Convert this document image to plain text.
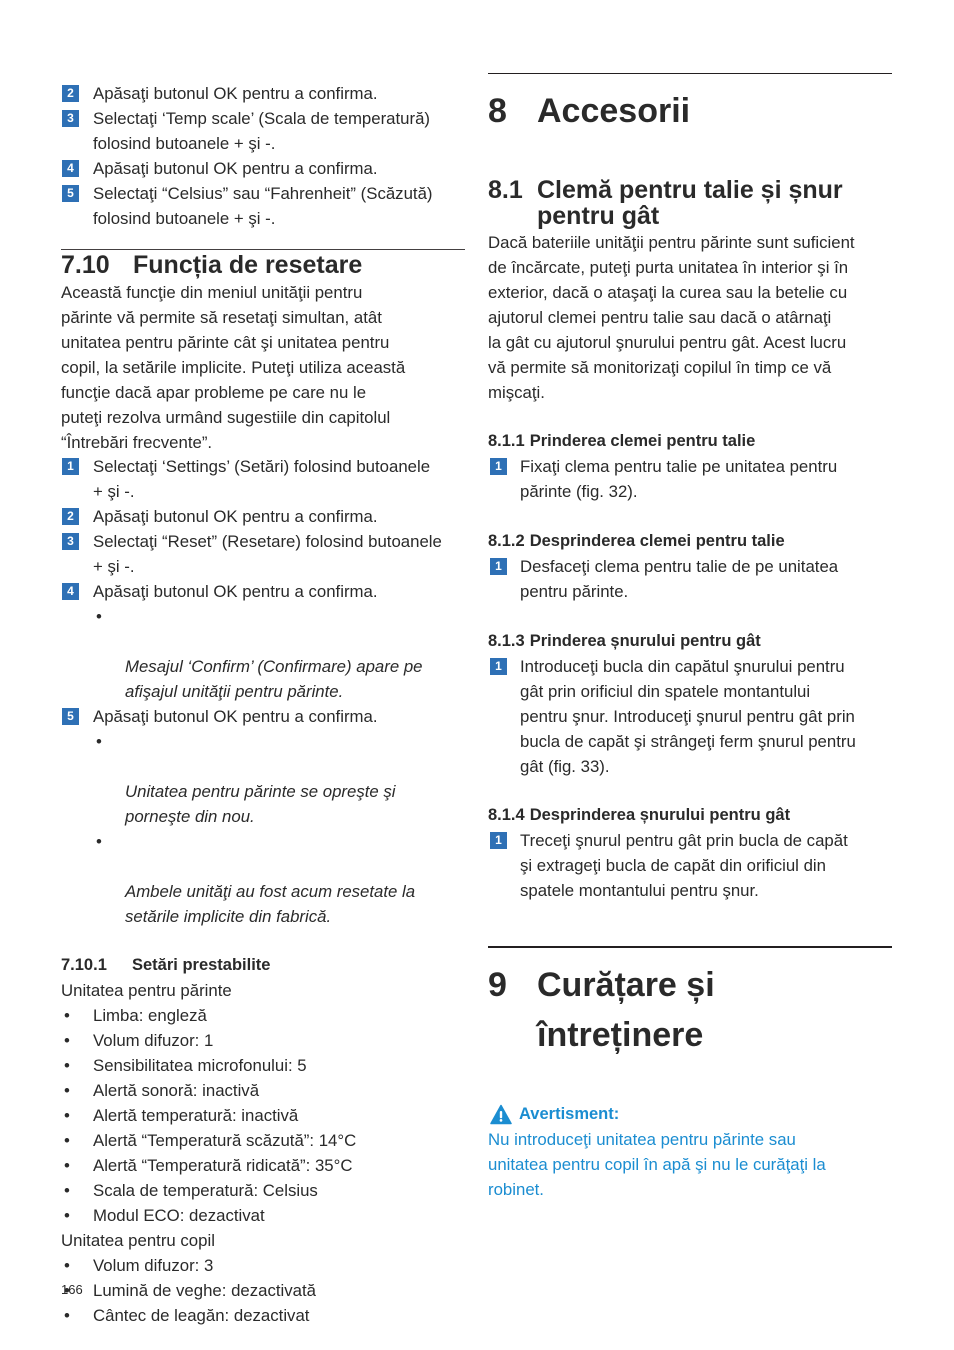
2	Apăsaţi butonul OK pentru a confirma.
3	Selectaţi ‘Temp scale’ (Scala de temperatură)
folosind butoanele + şi -.
4	Apăsaţi butonul OK pentru a confirma.
5	Selectaţi “Celsius” sau “Fahrenheit” (Scăzută)
folosind butoanele + şi -.
7.10 Funcția de resetare
Această funcţie din meniul unităţii pentru
părinte vă permite să resetaţi simultan, atât
unitatea pentru părinte cât şi unitatea pentru
copil, la setările implicite. Puteţi utiliza această
funcţie dacă apar probleme pe care nu le
puteţi rezolva urmând sugestiile din capitolul
“Întrebări frecvente”.
1	Selectaţi ‘Settings’ (Setări) folosind butoanele
+ şi -.
2	Apăsaţi butonul OK pentru a confirma.
3	Selectaţi “Reset” (Resetare) folosind butoanele
+ şi -.
4	Apăsaţi butonul OK pentru a confirma.

•

Mesajul ‘Confirm’ (Confirmare) apare pe
afişajul unităţii pentru părinte.

5	Apăsaţi butonul OK pentru a confirma.

•

Unitatea pentru părinte se opreşte şi
porneşte din nou.

•

Ambele unităţi au fost acum resetate la
setările implicite din fabrică.

7.10.1 Setări prestabilite
Unitatea pentru părinte
•
Limba: engleză
•
Volum difuzor: 1
•
Sensibilitatea microfonului: 5
•
Alertă sonoră: inactivă
•
Alertă temperatură: inactivă
•
Alertă “Temperatură scăzută”: 14°C
•
Alertă “Temperatură ridicată”: 35°C
•
Scala de temperatură: Celsius
•
Modul ECO: dezactivat
Unitatea pentru copil
•
Volum difuzor: 3
•
Lumină de veghe: dezactivată
•
Cântec de leagăn: dezactivat
8 Accesorii
8.1 Clemă pentru talie și șnur
pentru gât
Dacă bateriile unităţii pentru părinte sunt suficient
de încărcate, puteţi purta unitatea în interior şi în
exterior, dacă o ataşaţi la curea sau la betelie cu
ajutorul clemei pentru talie sau dacă o atârnaţi
la gât cu ajutorul şnurului pentru gât. Acest lucru
vă permite să monitorizaţi copilul în timp ce vă
mişcaţi.
8.1.1 Prinderea clemei pentru talie
1	Fixaţi clema pentru talie pe unitatea pentru
părinte (fig. 32).
8.1.2 Desprinderea clemei pentru talie
1	Desfaceţi clema pentru talie de pe unitatea
pentru părinte.
8.1.3 Prinderea șnurului pentru gât
1	Introduceţi bucla din capătul şnurului pentru
gât prin orificiul din spatele montantului
pentru şnur. Introduceţi şnurul pentru gât prin
bucla de capăt şi strângeţi ferm şnurul pentru
gât (fig. 33).
8.1.4 Desprinderea șnurului pentru gât
1	Treceţi şnurul pentru gât prin bucla de capăt
şi extrageţi bucla de capăt din orificiul din
spatele montantului pentru şnur.
9 Curățare și
întreținere
Avertisment:
Nu introduceţi unitatea pentru părinte sau
unitatea pentru copil în apă şi nu le curăţaţi la
robinet.
166
